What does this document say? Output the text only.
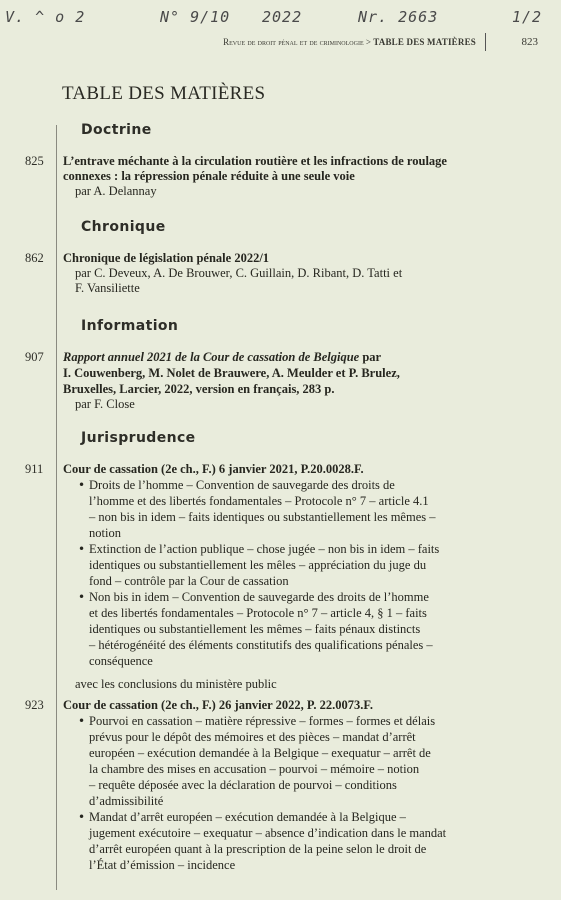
V. ^ o 2	N° 9/10 2022	Nr. 2663	1/2
Revue de droit pénal et de criminologie > TABLE DES MATIÈRES	823
TABLE DES MATIÈRES
Doctrine
825 L’entrave méchante à la circulation routière et les infractions de roulage
connexes : la répression pénale réduite à une seule voie
par A. Delannay
Chronique
862 Chronique de législation pénale 2022/1
par C. Deveux, A. De Brouwer, C. Guillain, D. Ribant, D. Tatti et
F. Vansiliette
Information
907 Rapport annuel 2021 de la Cour de cassation de Belgique par
I. Couwenberg, M. Nolet de Brauwere, A. Meulder et P. Brulez,
Bruxelles, Larcier, 2022, version en français, 283 p.
par F. Close
Jurisprudence
911 Cour de cassation (2e ch., F.) 6 janvier 2021, P.20.0028.F.
• Droits de l’homme – Convention de sauvegarde des droits de
l’homme et des libertés fondamentales – Protocole n° 7 – article 4.1
– non bis in idem – faits identiques ou substantiellement les mêmes –
notion
• Extinction de l’action publique – chose jugée – non bis in idem – faits
identiques ou substantiellement les mêles – appréciation du juge du
fond – contrôle par la Cour de cassation
• Non bis in idem – Convention de sauvegarde des droits de l’homme
et des libertés fondamentales – Protocole n° 7 – article 4, § 1 – faits
identiques ou substantiellement les mêmes – faits pénaux distincts
– hétérogénéité des éléments constitutifs des qualifications pénales –
conséquence
avec les conclusions du ministère public
923 Cour de cassation (2e ch., F.) 26 janvier 2022, P. 22.0073.F.
• Pourvoi en cassation – matière répressive – formes – formes et délais
prévus pour le dépôt des mémoires et des pièces – mandat d’arrêt
européen – exécution demandée à la Belgique – exequatur – arrêt de
la chambre des mises en accusation – pourvoi – mémoire – notion
– requête déposée avec la déclaration de pourvoi – conditions
d’admissibilité
• Mandat d’arrêt européen – exécution demandée à la Belgique –
jugement exécutoire – exequatur – absence d’indication dans le mandat
d’arrêt européen quant à la prescription de la peine selon le droit de
l’État d’émission – incidence
